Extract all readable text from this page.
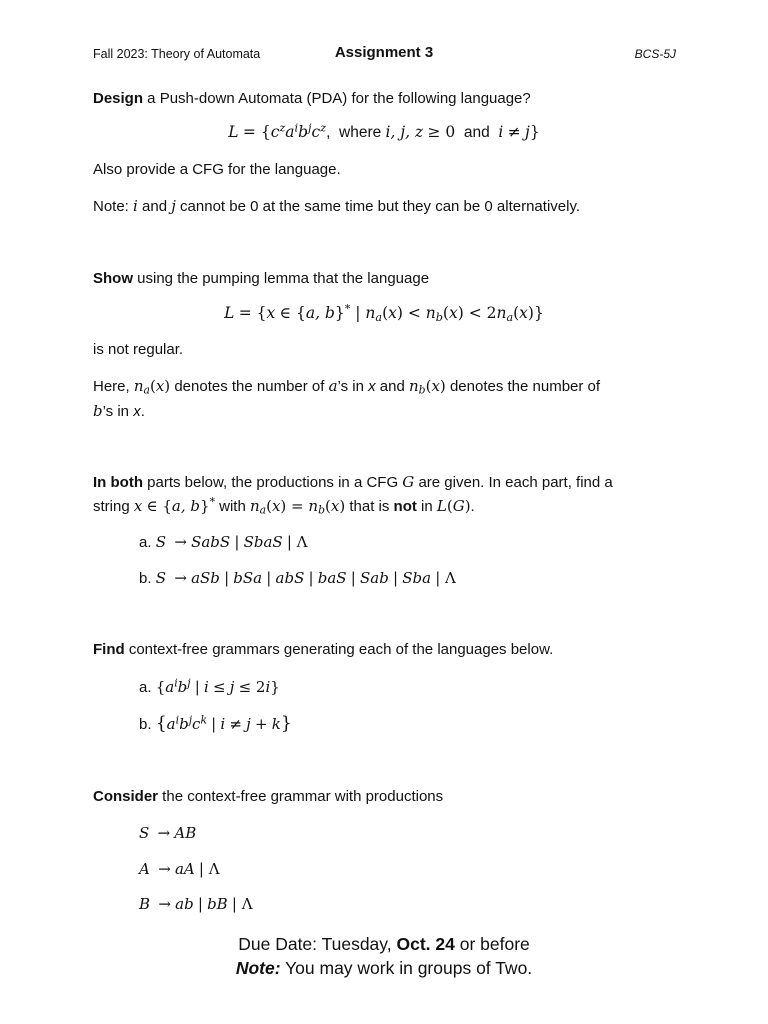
Fall 2023: Theory of Automata	Assignment 3	BCS-5J
Design a Push-down Automata (PDA) for the following language?
$L = \{c^za^ib^jc^z$, where i, j, z ≥ 0 and i ≠ j}
Also provide a CFG for the language.
Note: i and j cannot be 0 at the same time but they can be 0 alternatively.
Show using the pumping lemma that the language
L = {x ∈ {a, b}* | $n_a(x) < n_b(x) < 2n_a(x)$}
is not regular.
Here, $n_a(x)$ denotes the number of a’s in x and $n_b(x)$ denotes the number of
b’s in x.
In both parts below, the productions in a CFG G are given. In each part, find a
string x ∈ {a, b}* with $n_a(x) = n_b(x)$ that is not in L(G).
a. S → SabS | SbaS | Λ
b. S → aSb | bSa | abS | baS | Sab | Sba | Λ
Find context-free grammars generating each of the languages below.
a. {$a^ib^j$ | i ≤ j ≤ 2i}
b. {$a^ib^jc^k$ | i ≠ j + k}
Consider the context-free grammar with productions
S → AB
A → aA | Λ
B → ab | bB | Λ
Due Date: Tuesday, Oct. 24 or before
Note: You may work in groups of Two.
